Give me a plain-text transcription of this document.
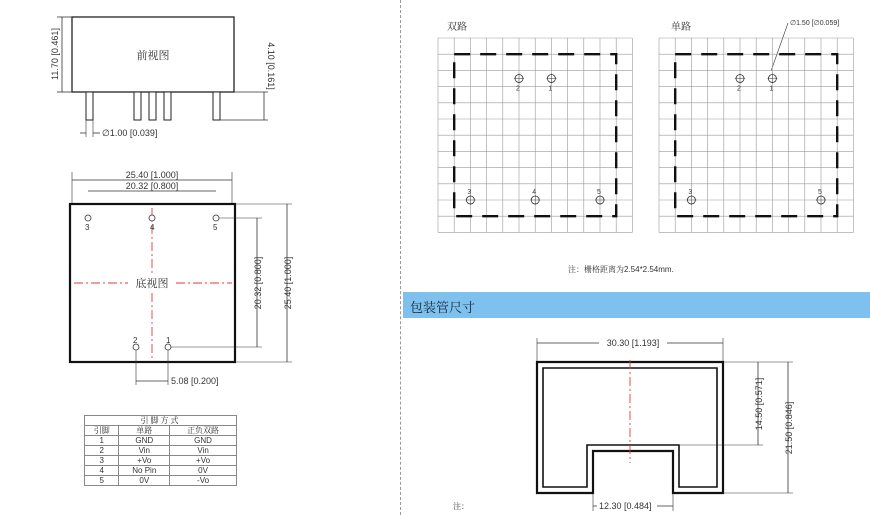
前视图
11.70 [0.461]	4.10 [0.161]
∅1.00 [0.039]
25.40 [1.000]
20.32 [0.800]
底视图
3	4	5
2	1
20.32 [0.800] 25.40 [1.000]
5.08 [0.200]
引脚方式		
引脚	单路	正负双路
1	GND	GND
2	Vin	Vin
3	+Vo	+Vo
4	No Pin	0V
5	0V	-Vo
双路	单路	∅1.50 [∅0.059]
1
2
3	4	5
1
2
3	5
注：栅格距离为2.54*2.54mm.
包装管尺寸
30.30 [1.193]
14.50 [0.571] 21.50 [0.846]
12.30 [0.484]
注：
